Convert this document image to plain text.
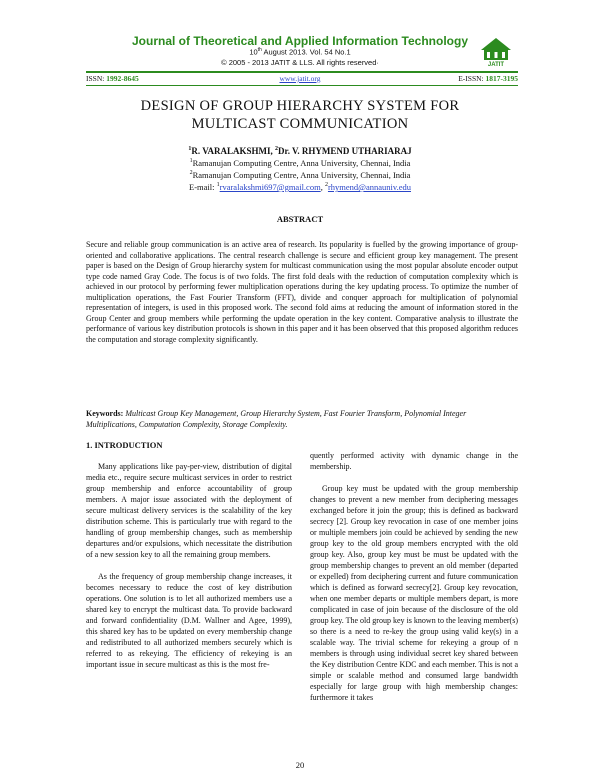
Journal of Theoretical and Applied Information Technology
10th August 2013. Vol. 54 No.1
© 2005 - 2013 JATIT & LLS. All rights reserved·	JATIT
ISSN: 1992-8645	www.jatit.org	E-ISSN: 1817-3195
DESIGN OF GROUP HIERARCHY SYSTEM FOR
MULTICAST COMMUNICATION
$^1$R. VARALAKSHMI, $^2$Dr. V. RHYMEND UTHARIARAJ
$^1$Ramanujan Computing Centre, Anna University, Chennai, India
$^2$Ramanujan Computing Centre, Anna University, Chennai, India
E-mail: $^1$rvaralakshmi697@gmail.com, $^2$rhymend@annauniv.edu
ABSTRACT

Secure and reliable group communication is an active area of research. Its popularity is fuelled by the growing importance of group-oriented and collaborative applications. The central research challenge is secure and efficient group key management. The present paper is based on the Design of Group hierarchy system for multicast communication using the most popular absolute encoder output type code named Gray Code. The focus is of two folds. The first fold deals with the reduction of computation complexity which is achieved in our protocol by performing fewer multiplication operations during the key updating process. To optimize the number of multiplication operations, the Fast Fourier Transform (FFT), divide and conquer approach for multiplication of polynomial representation of integers, is used in this proposed work. The second fold aims at reducing the amount of information stored in the Group Center and group members while performing the update operation in the key content. Comparative analysis to illustrate the performance of various key distribution protocols is shown in this paper and it has been observed that this proposed algorithm reduces the computation and storage complexity significantly.

Keywords: Multicast Group Key Management, Group Hierarchy System, Fast Fourier Transform, Polynomial Integer Multiplications, Computation Complexity, Storage Complexity.

1. INTRODUCTION

Many applications like pay-per-view, distribution of digital media etc., require secure multicast services in order to restrict group membership and enforce accountability of group members. A major issue associated with the deployment of secure multicast delivery services is the scalability of the key distribution scheme. This is particularly true with regard to the handling of group membership changes, such as membership departures and/or expulsions, which necessitate the distribution of a new session key to all the remaining group members.

As the frequency of group membership change increases, it becomes necessary to reduce the cost of key distribution operations. One solution is to let all authorized members use a shared key to encrypt the multicast data. To provide backward and forward confidentiality (D.M. Wallner and Agee, 1999), this shared key has to be updated on every membership change and redistributed to all authorized members securely which is referred to as rekeying. The efficiency of rekeying is an important issue in secure multicast as this is the most fre-

quently performed activity with dynamic change in the membership.

Group key must be updated with the group membership changes to prevent a new member from deciphering messages exchanged before it join the group; this is defined as backward secrecy [2]. Group key revocation in case of one member joins or multiple members join could be achieved by sending the new group key to the old group members encrypted with the old group key. Also, group key must be must be updated with the group membership changes to prevent an old member (departed or expelled) from deciphering current and future communication which is defined as forward secrecy[2]. Group key revocation, when one member departs or multiple members depart, is more complicated in case of join because of the disclosure of the old group key. The old group key is known to the leaving member(s) so there is a need to re-key the group using valid key(s) in a scalable way. The trivial scheme for rekeying a group of n members is through using individual secret key shared between the Key distribution Centre KDC and each member. This is not a simple or scalable method and consumed large bandwidth especially for large group with high membership changes: furthermore it takes

20
